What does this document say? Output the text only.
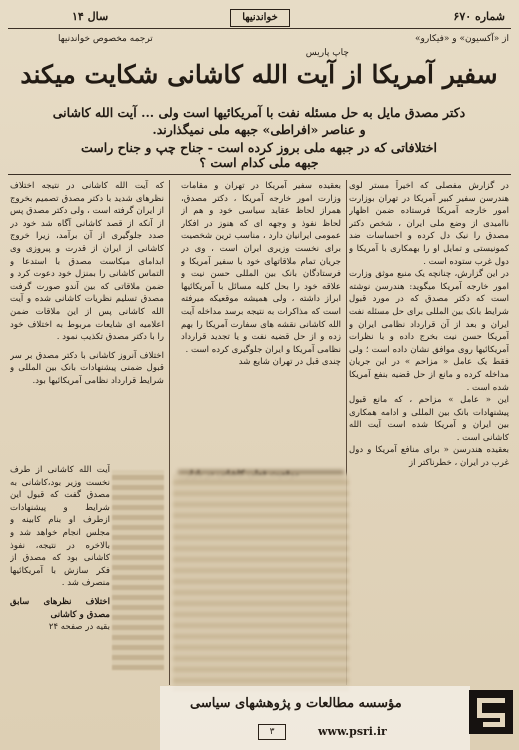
شماره ۶۷۰
خواندنیها
سال ۱۴
از «آکسیون» و «فیکارو»
ترجمه مخصوص خواندنیها
چاپ پاریس
سفیر آمریکا از آیت الله کاشانی شکایت میکند
دکتر مصدق مایل به حل مسئله نفت با آمریکائیها است ولی ... آیت الله کاشانی
و عناصر «افراطی» جبهه ملی نمیگذارند.
اختلافاتی که در جبهه ملی بروز کرده است - جناح چپ و جناح راست
جبهه ملی کدام است ؟

در گزارش مفصلی که اخیراً مستر لوی هندرسن سفیر کبیر آمریکا در تهران بوزارت امور خارجه آمریکا فرستاده ضمن اظهار ناامیدی از وضع ملی ایران ، شخص دکتر مصدق را نیک دل کرده و احساسات ضد کمونیستی و تمایل او را بهمکاری با آمریکا و دول غرب ستوده است .

در این گزارش، چنانچه یک منبع موثق وزارت امور خارجه آمریکا میگوید: هندرسن نوشته است که دکتر مصدق که در مورد قبول شرایط بانک بین المللی برای حل مسئله نفت ایران و بعد از آن قرارداد نظامی ایران و آمریکا حسن نیت بخرج داده و با نظرات آمریکائیها روی موافق نشان داده است ؛ ولی فقط یک عامل « مزاحم » در این جریان مداخله کرده و مانع از حل قضیه بنفع آمریکا شده است .

این « عامل » مزاحم ، که مانع قبول پیشنهادات بانک بین المللی و ادامه همکاری بین ایران و آمریکا شده است آیت الله کاشانی است .

بعقیده هندرسن « برای منافع آمریکا و دول غرب در ایران ، خطرناکتر از

بعقیده سفیر آمریکا در تهران و مقامات وزارت امور خارجه آمریکا ، دکتر مصدق، همراز لحاظ عقاید سیاسی خود و هم از لحاظ نفوذ و وجهه ای که هنوز در افکار عمومی ایرانیان دارد ، مناسب ترین شخصیت برای نخست وزیری ایران است ، وی در جریان تمام ملاقاتهای خود با سفیر آمریکا و فرستادگان بانک بین المللی حسن نیت و علاقه خود را بحل کلیه مسائل با آمریکائیها ابراز داشته ، ولی همیشه موقعیکه میرفته است که مذاکرات به نتیجه برسد مداخله آیت الله کاشانی نقشه های سفارت آمریکا را بهم زده و از حل قضیه نفت و یا تجدید قرارداد نظامی آمریکا و ایران جلوگیری کرده است .

چندی قبل در تهران شایع شد

که آیت الله کاشانی در نتیجه اختلاف نظرهای شدید با دکتر مصدق تصمیم بخروج از ایران گرفته است ، ولی دکتر مصدق پس از آنکه از قصد کاشانی آگاه شد خود در صدد جلوگیری از آن برآمد، زیرا خروج کاشانی از ایران از قدرت و پیروزی وی ابدامای میکاست مصدق با استدعا و التماس کاشانی را بمنزل خود دعوت کرد و ضمن ملاقاتی که بین آندو صورت گرفت مصدق تسلیم نظریات کاشانی شده و آیت الله کاشانی پس از این ملاقات ضمن اعلامیه ای شایعات مربوط به اختلاف خود را با دکتر مصدق تکذیب نمود .

اختلاف آنروز کاشانی با دکتر مصدق بر سر قبول ضمنی پیشنهادات بانک بین المللی و شرایط قرارداد نظامی آمریکائیها بود.

آیت الله کاشانی از طرف نخست وزیر بود،کاشانی به مصدق گفت که قبول این شرایط و پیشنهادات ازطرف او بنام کابینه و مجلس انجام خواهد شد و بالاخره در نتیجه، نفوذ کاشانی بود که مصدق از فکر سازش با آمریکائیها منصرف شد .

اختلاف نظرهای سابق مصدق و کاشانی

بقیه در صفحه ۲۴

مؤسسه مطالعات و پژوهشهای سیاسی
www.psri.ir
۳
